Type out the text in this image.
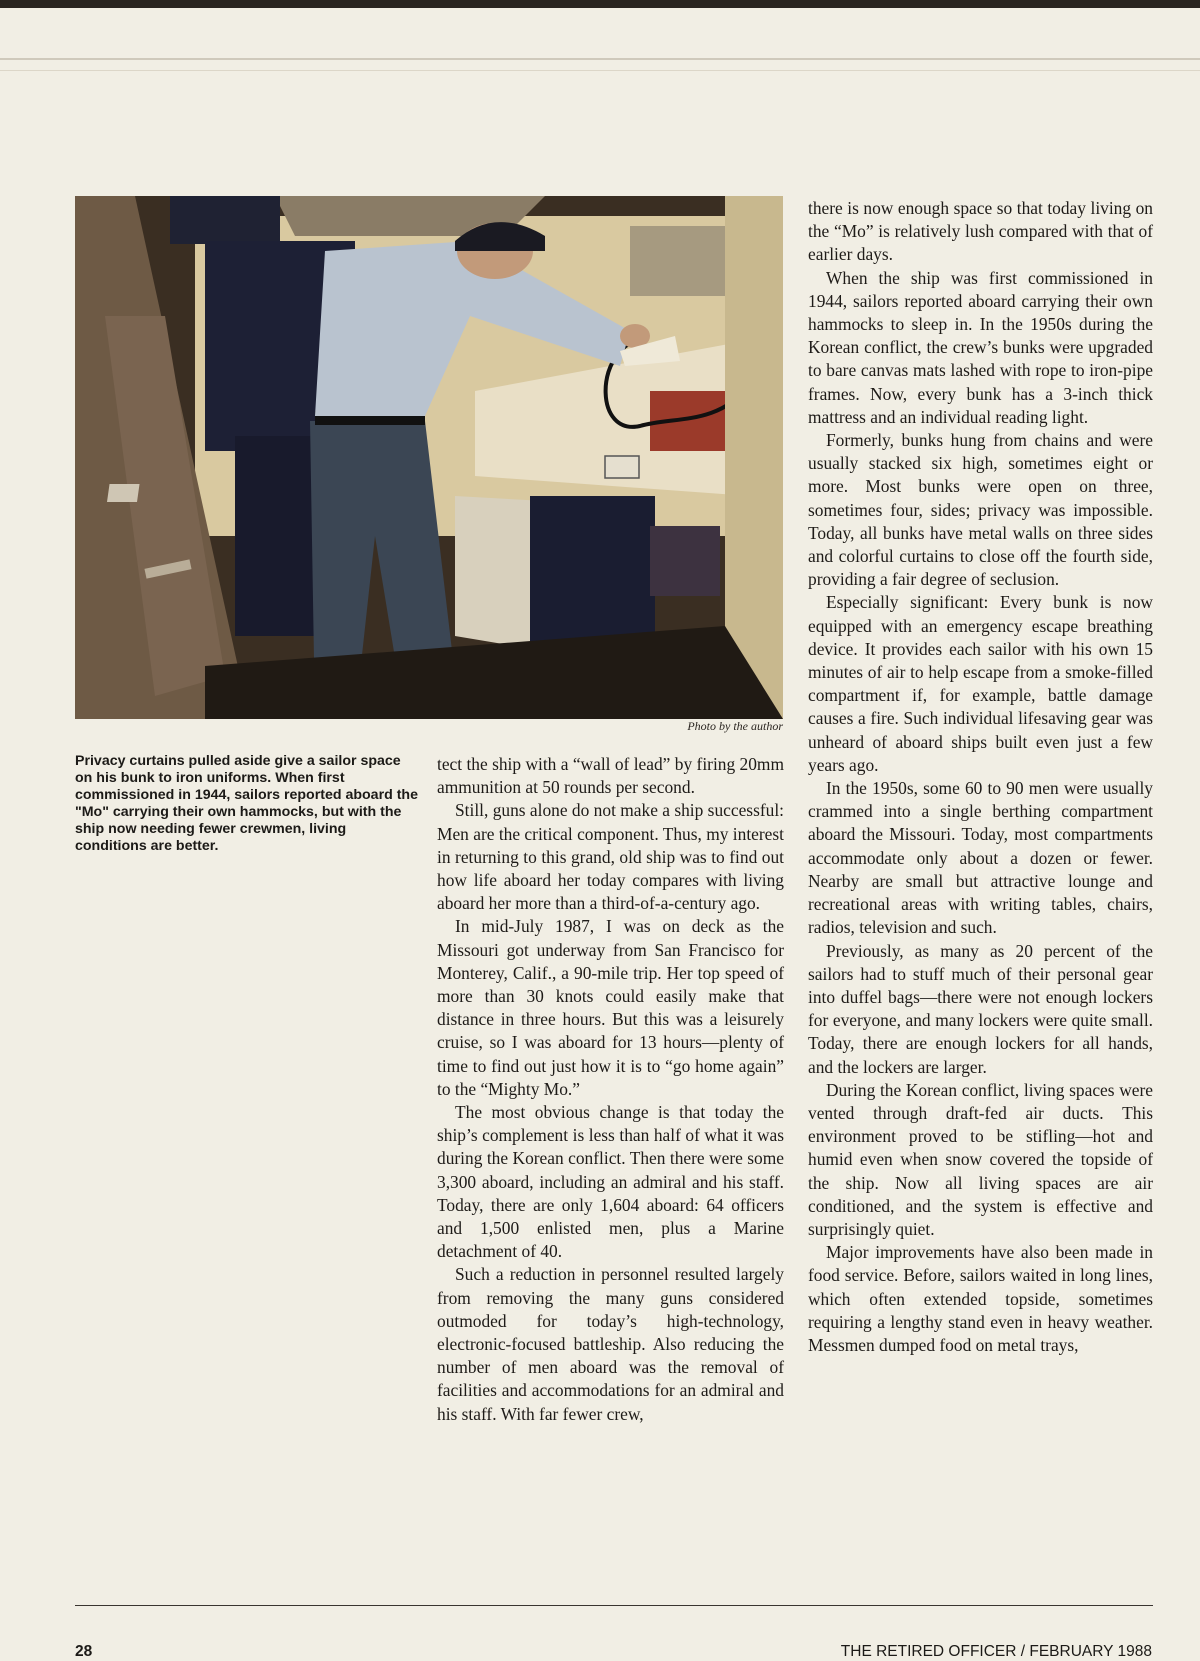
Photo by the author
Privacy curtains pulled aside give a sailor space on his bunk to iron uniforms. When first commissioned in 1944, sailors reported aboard the "Mo" carrying their own hammocks, but with the ship now needing fewer crewmen, living conditions are better.

tect the ship with a “wall of lead” by firing 20mm ammunition at 50 rounds per second.

Still, guns alone do not make a ship successful: Men are the critical component. Thus, my interest in returning to this grand, old ship was to find out how life aboard her today compares with living aboard her more than a third-of-a-century ago.

In mid-July 1987, I was on deck as the Missouri got underway from San Francisco for Monterey, Calif., a 90-mile trip. Her top speed of more than 30 knots could easily make that distance in three hours. But this was a leisurely cruise, so I was aboard for 13 hours—plenty of time to find out just how it is to “go home again” to the “Mighty Mo.”

The most obvious change is that today the ship’s complement is less than half of what it was during the Korean conflict. Then there were some 3,300 aboard, including an admiral and his staff. Today, there are only 1,604 aboard: 64 officers and 1,500 enlisted men, plus a Marine detachment of 40.

Such a reduction in personnel resulted largely from removing the many guns considered outmoded for today’s high-technology, electronic-focused battleship. Also reducing the number of men aboard was the removal of facilities and accommodations for an admiral and his staff. With far fewer crew,

there is now enough space so that today living on the “Mo” is relatively lush compared with that of earlier days.

When the ship was first commissioned in 1944, sailors reported aboard carrying their own hammocks to sleep in. In the 1950s during the Korean conflict, the crew’s bunks were upgraded to bare canvas mats lashed with rope to iron-pipe frames. Now, every bunk has a 3-inch thick mattress and an individual reading light.

Formerly, bunks hung from chains and were usually stacked six high, sometimes eight or more. Most bunks were open on three, sometimes four, sides; privacy was impossible. Today, all bunks have metal walls on three sides and colorful curtains to close off the fourth side, providing a fair degree of seclusion.

Especially significant: Every bunk is now equipped with an emergency escape breathing device. It provides each sailor with his own 15 minutes of air to help escape from a smoke-filled compartment if, for example, battle damage causes a fire. Such individual lifesaving gear was unheard of aboard ships built even just a few years ago.

In the 1950s, some 60 to 90 men were usually crammed into a single berthing compartment aboard the Missouri. Today, most compartments accommodate only about a dozen or fewer. Nearby are small but attractive lounge and recreational areas with writing tables, chairs, radios, television and such.

Previously, as many as 20 percent of the sailors had to stuff much of their personal gear into duffel bags—there were not enough lockers for everyone, and many lockers were quite small. Today, there are enough lockers for all hands, and the lockers are larger.

During the Korean conflict, living spaces were vented through draft-fed air ducts. This environment proved to be stifling—hot and humid even when snow covered the topside of the ship. Now all living spaces are air conditioned, and the system is effective and surprisingly quiet.

Major improvements have also been made in food service. Before, sailors waited in long lines, which often extended topside, sometimes requiring a lengthy stand even in heavy weather. Messmen dumped food on metal trays,

28	THE RETIRED OFFICER / FEBRUARY 1988
